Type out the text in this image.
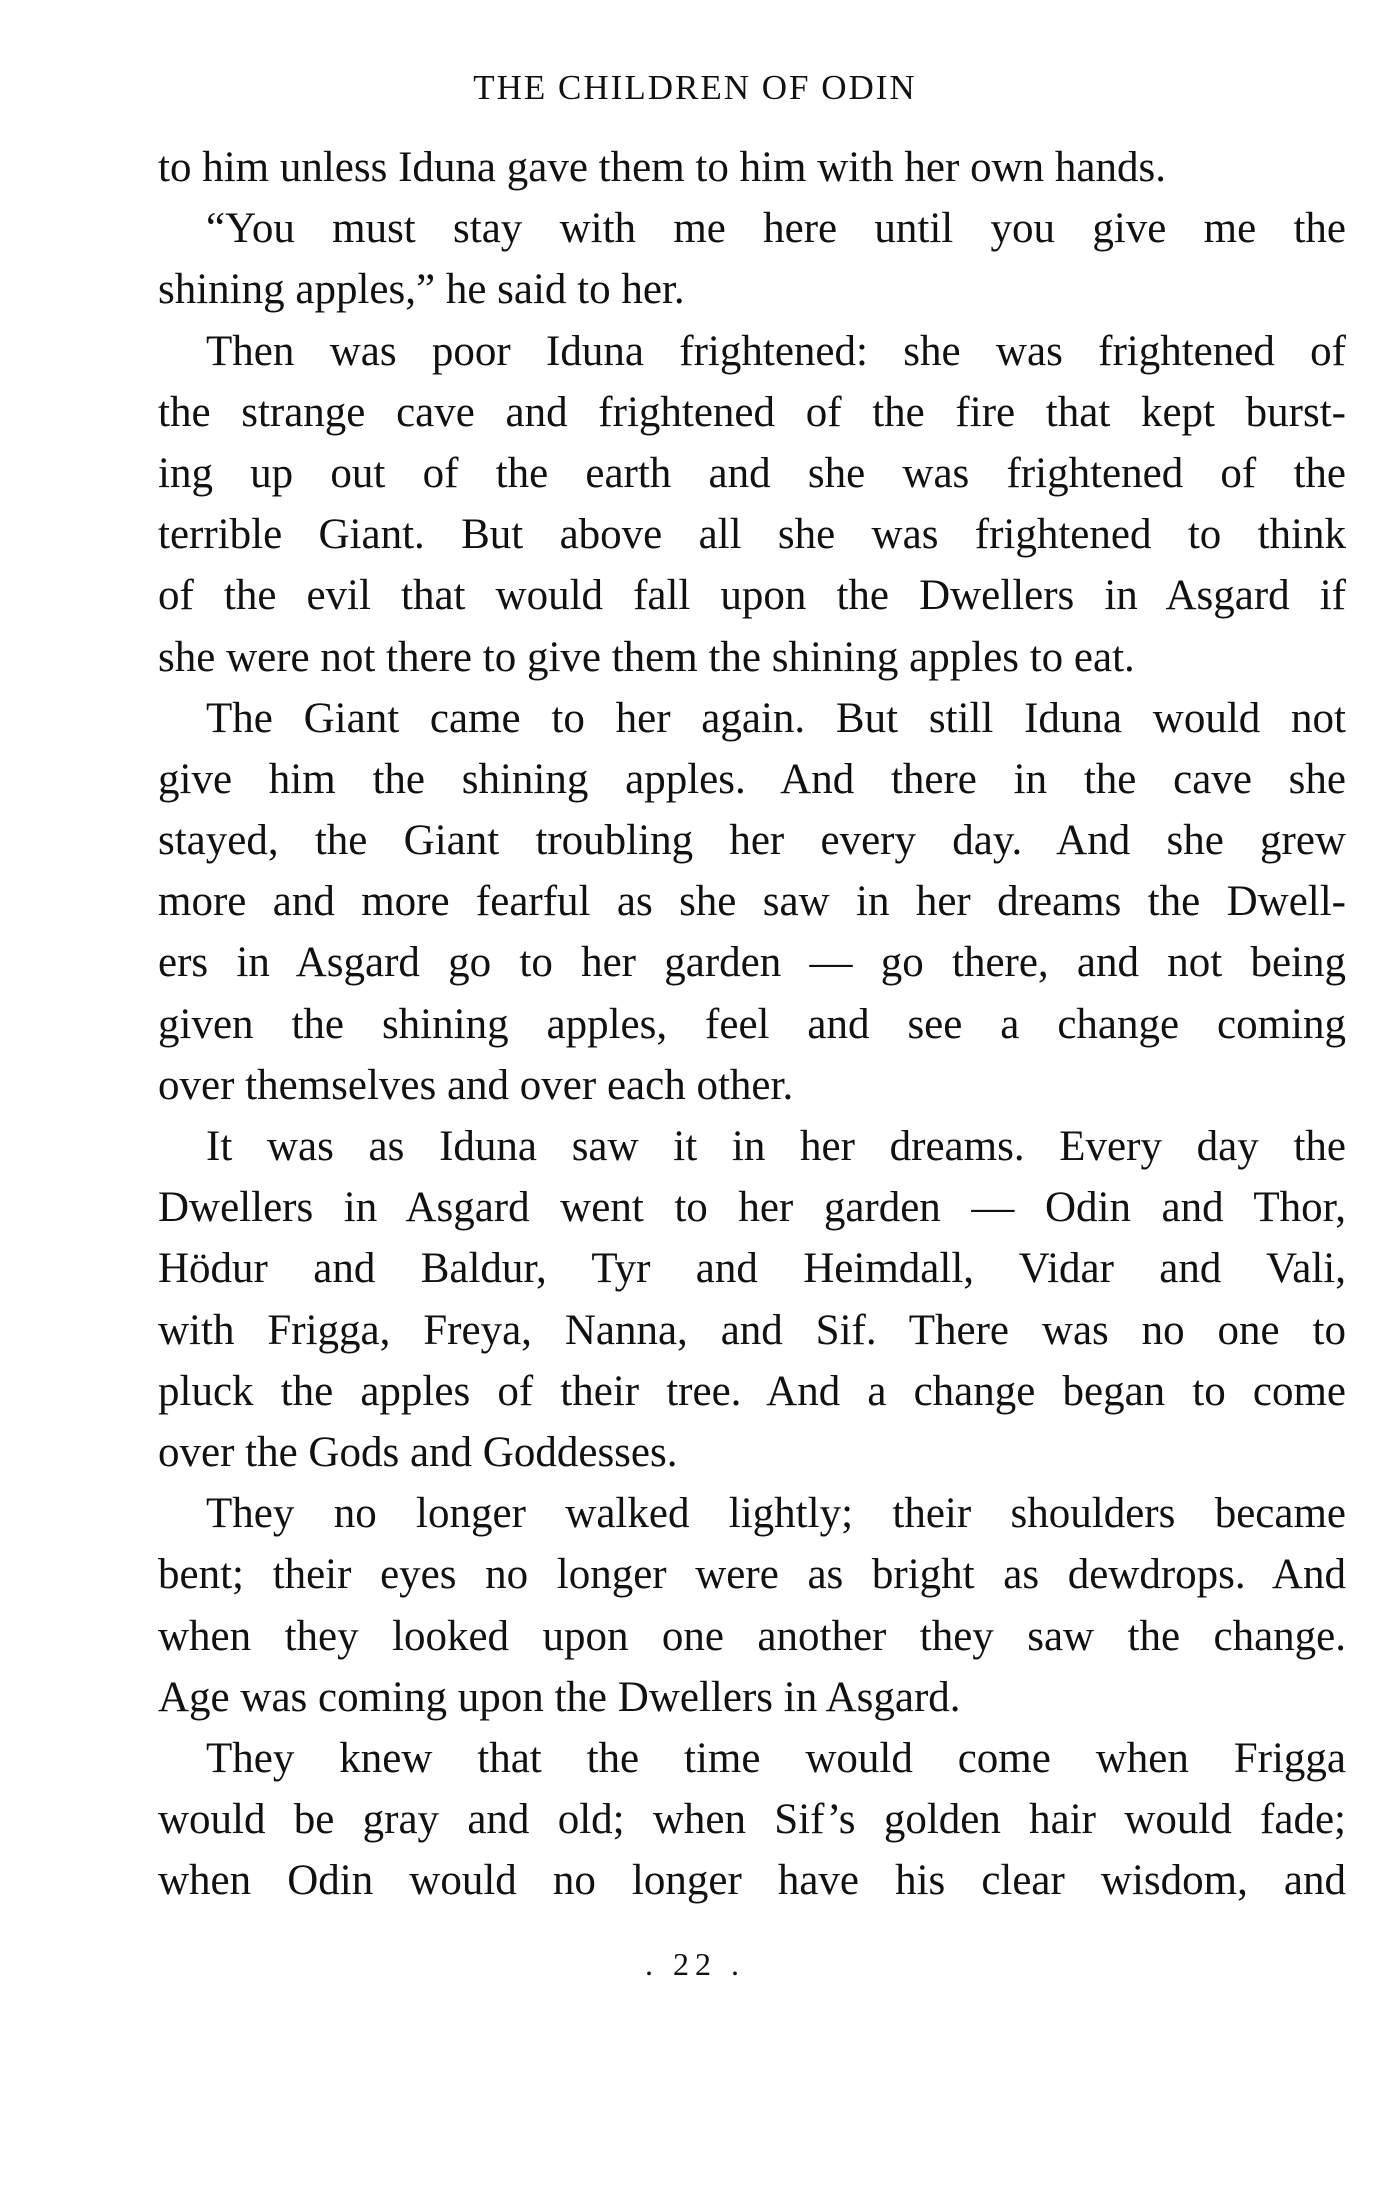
THE CHILDREN OF ODIN

to him unless Iduna gave them to him with her own hands.

“You must stay with me here until you give me the
shining apples,” he said to her.

Then was poor Iduna frightened: she was frightened of
the strange cave and frightened of the fire that kept burst-
ing up out of the earth and she was frightened of the
terrible Giant. But above all she was frightened to think
of the evil that would fall upon the Dwellers in Asgard if
she were not there to give them the shining apples to eat.

The Giant came to her again. But still Iduna would not
give him the shining apples. And there in the cave she
stayed, the Giant troubling her every day. And she grew
more and more fearful as she saw in her dreams the Dwell-
ers in Asgard go to her garden — go there, and not being
given the shining apples, feel and see a change coming
over themselves and over each other.

It was as Iduna saw it in her dreams. Every day the
Dwellers in Asgard went to her garden — Odin and Thor,
Hödur and Baldur, Tyr and Heimdall, Vidar and Vali,
with Frigga, Freya, Nanna, and Sif. There was no one to
pluck the apples of their tree. And a change began to come
over the Gods and Goddesses.

They no longer walked lightly; their shoulders became
bent; their eyes no longer were as bright as dewdrops. And
when they looked upon one another they saw the change.
Age was coming upon the Dwellers in Asgard.

They knew that the time would come when Frigga
would be gray and old; when Sif’s golden hair would fade;
when Odin would no longer have his clear wisdom, and

. 22 .
